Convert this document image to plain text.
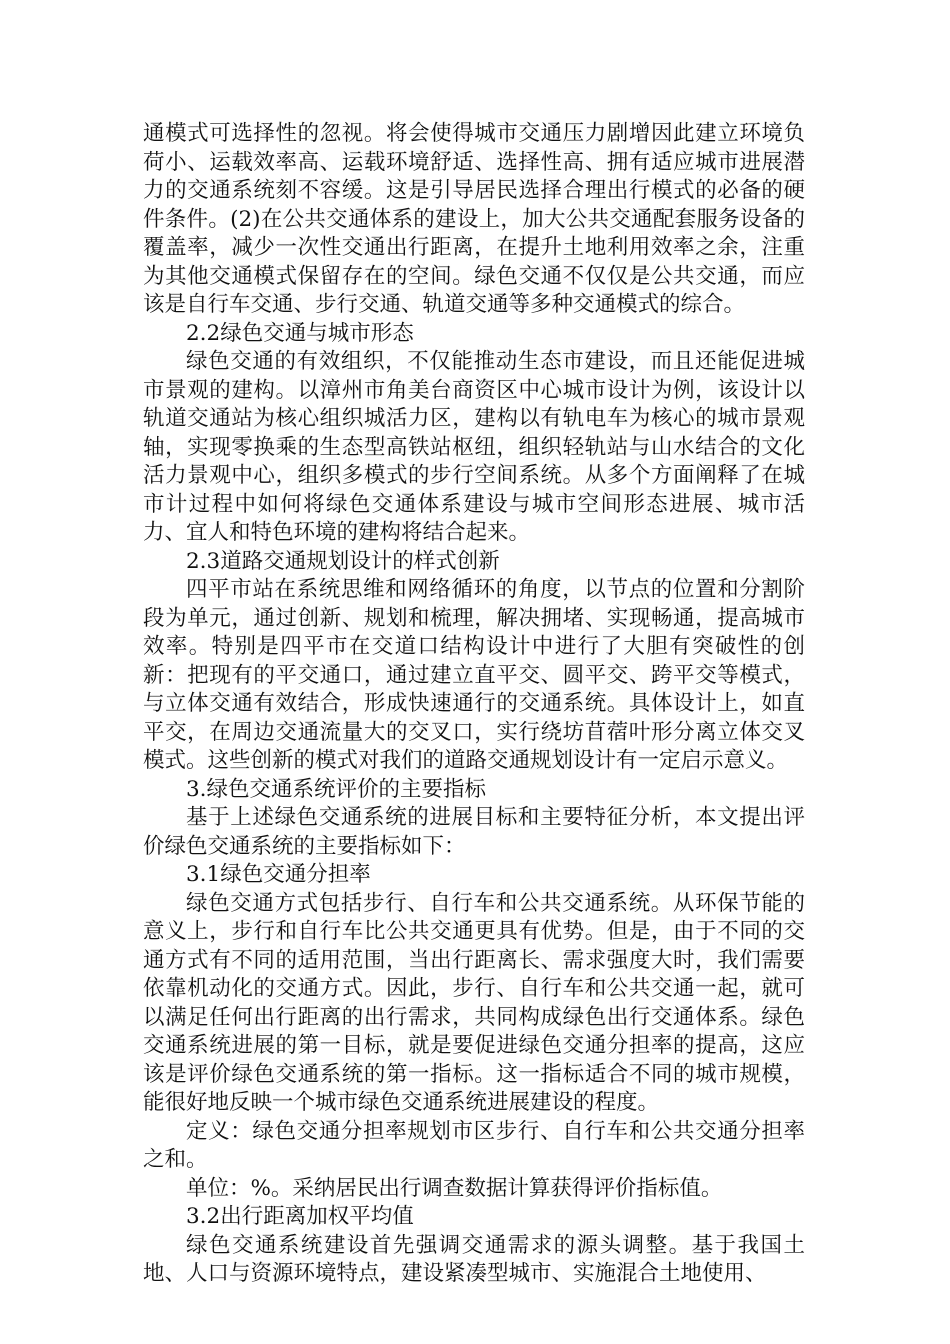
通模式可选择性的忽视。将会使得城市交通压力剧增因此建立环境负荷小、运载效率高、运载环境舒适、选择性高、拥有适应城市进展潜力的交通系统刻不容缓。这是引导居民选择合理出行模式的必备的硬件条件。(2)在公共交通体系的建设上，加大公共交通配套服务设备的覆盖率，减少一次性交通出行距离，在提升土地利用效率之余，注重为其他交通模式保留存在的空间。绿色交通不仅仅是公共交通，而应该是自行车交通、步行交通、轨道交通等多种交通模式的综合。

2.2绿色交通与城市形态

绿色交通的有效组织，不仅能推动生态市建设，而且还能促进城市景观的建构。以漳州市角美台商资区中心城市设计为例，该设计以轨道交通站为核心组织城活力区，建构以有轨电车为核心的城市景观轴，实现零换乘的生态型高铁站枢纽，组织轻轨站与山水结合的文化活力景观中心，组织多模式的步行空间系统。从多个方面阐释了在城市计过程中如何将绿色交通体系建设与城市空间形态进展、城市活力、宜人和特色环境的建构将结合起来。

2.3道路交通规划设计的样式创新

四平市站在系统思维和网络循环的角度，以节点的位置和分割阶段为单元，通过创新、规划和梳理，解决拥堵、实现畅通，提高城市效率。特别是四平市在交道口结构设计中进行了大胆有突破性的创新：把现有的平交通口，通过建立直平交、圆平交、跨平交等模式，与立体交通有效结合，形成快速通行的交通系统。具体设计上，如直平交，在周边交通流量大的交叉口，实行绕坊苜蓿叶形分离立体交叉模式。这些创新的模式对我们的道路交通规划设计有一定启示意义。

3.绿色交通系统评价的主要指标

基于上述绿色交通系统的进展目标和主要特征分析，本文提出评价绿色交通系统的主要指标如下：

3.1绿色交通分担率

绿色交通方式包括步行、自行车和公共交通系统。从环保节能的意义上，步行和自行车比公共交通更具有优势。但是，由于不同的交通方式有不同的适用范围，当出行距离长、需求强度大时，我们需要依靠机动化的交通方式。因此，步行、自行车和公共交通一起，就可以满足任何出行距离的出行需求，共同构成绿色出行交通体系。绿色交通系统进展的第一目标，就是要促进绿色交通分担率的提高，这应该是评价绿色交通系统的第一指标。这一指标适合不同的城市规模，能很好地反映一个城市绿色交通系统进展建设的程度。

定义：绿色交通分担率规划市区步行、自行车和公共交通分担率之和。

单位：%。采纳居民出行调查数据计算获得评价指标值。

3.2出行距离加权平均值

绿色交通系统建设首先强调交通需求的源头调整。基于我国土地、人口与资源环境特点，建设紧凑型城市、实施混合土地使用、
